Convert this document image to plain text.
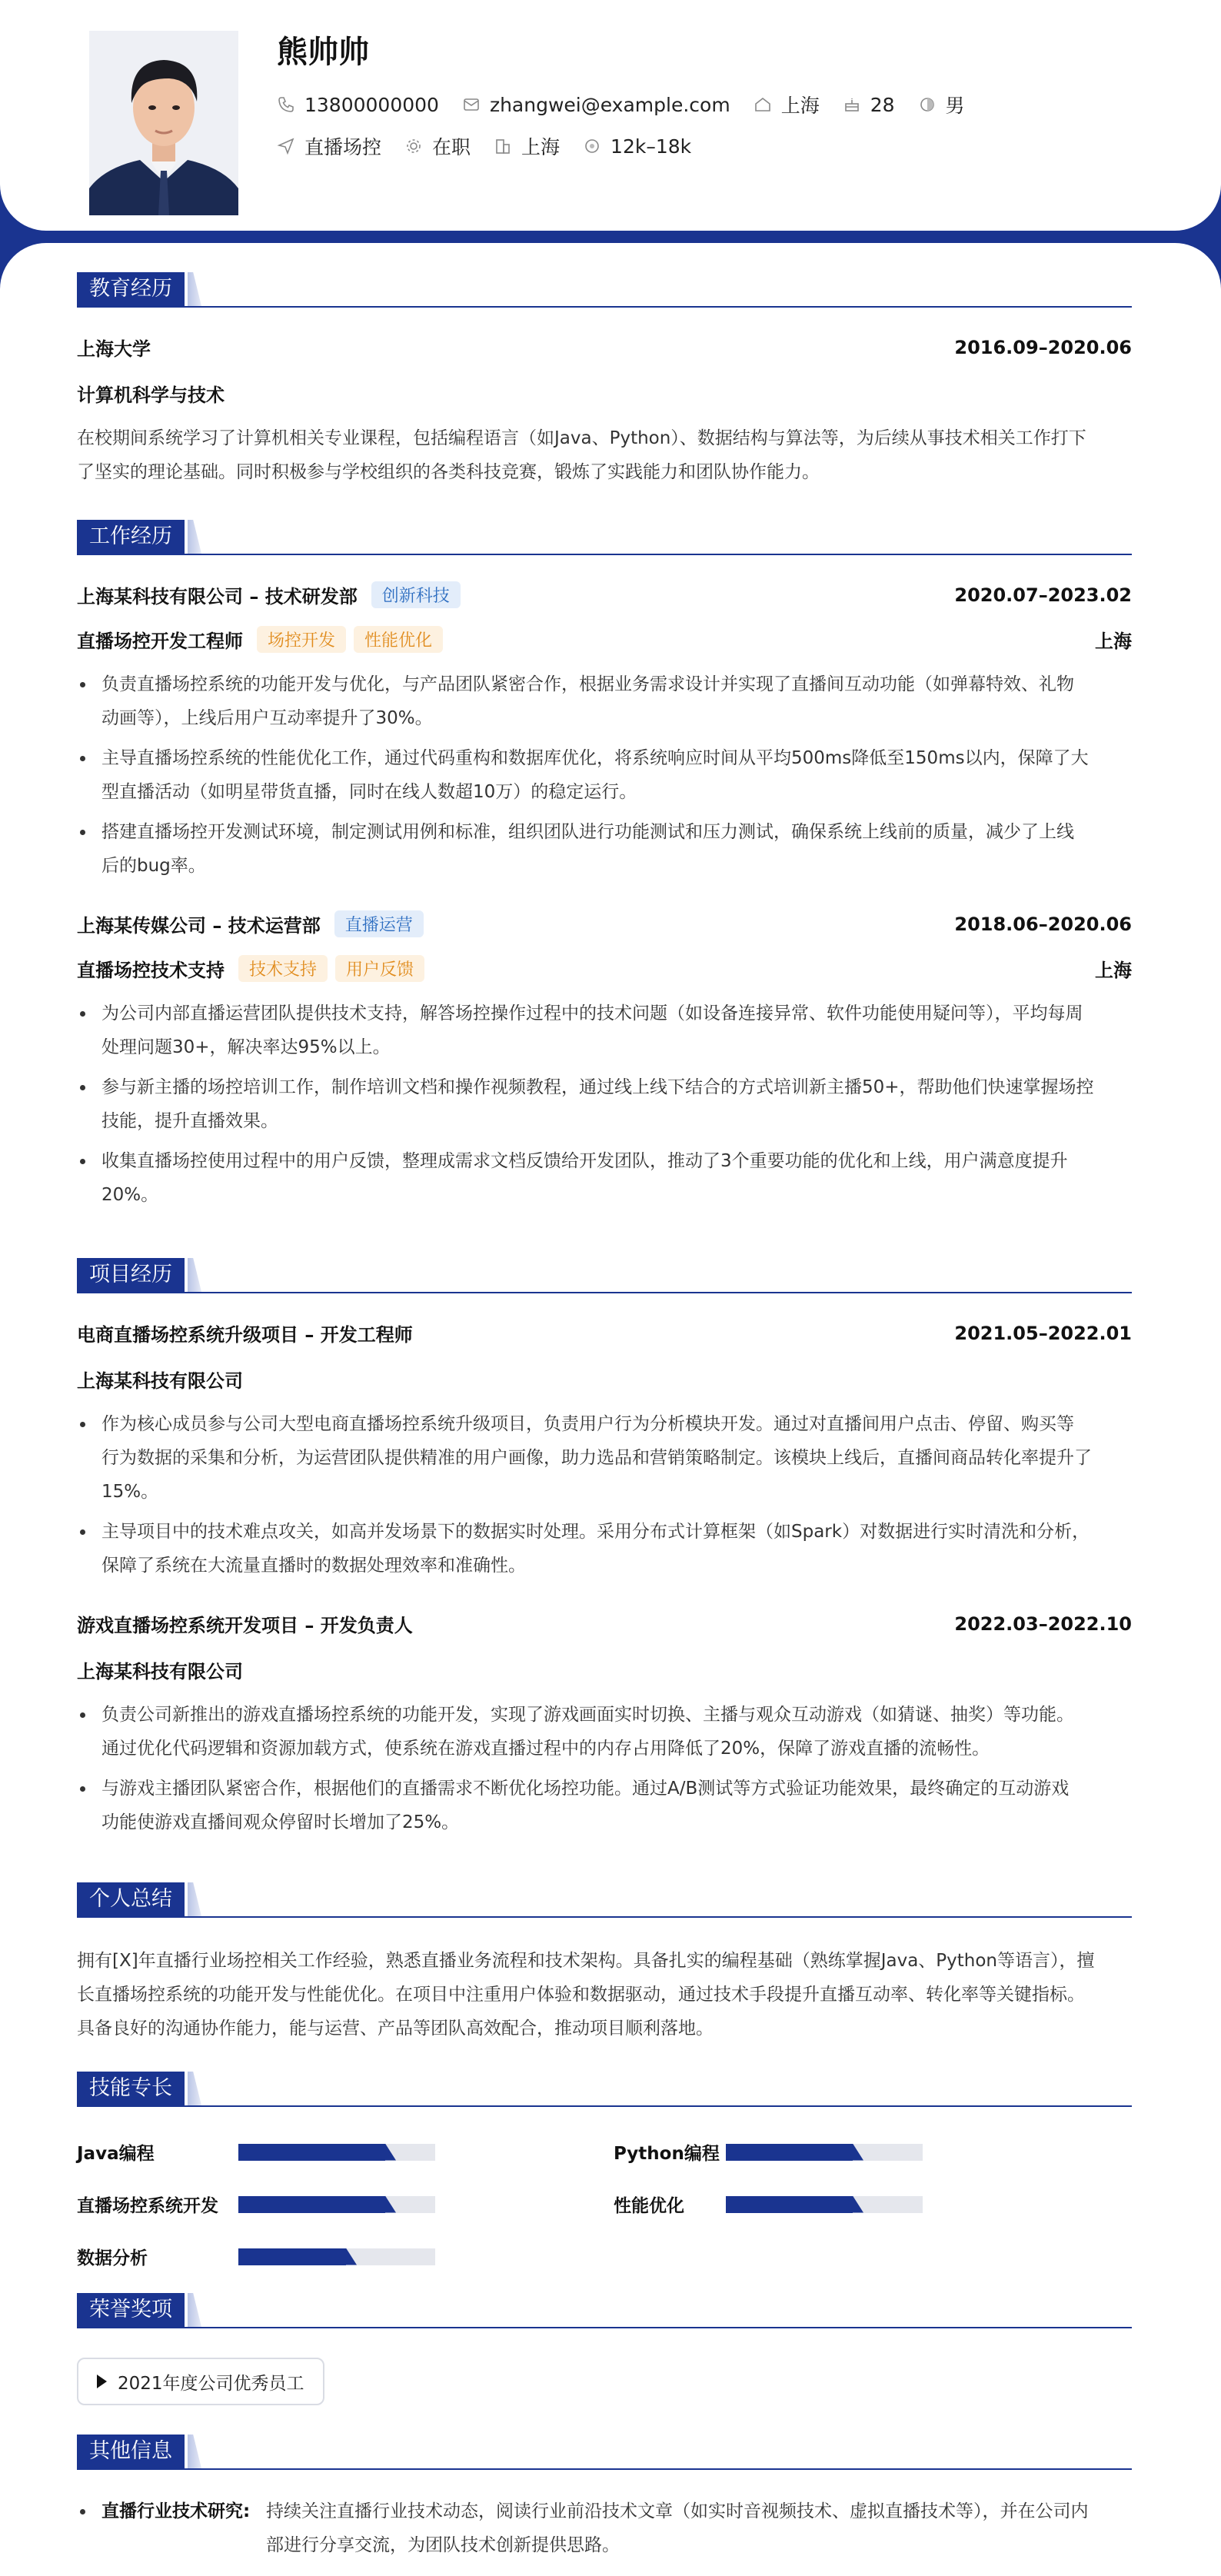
熊帅帅
13800000000	zhangwei@example.com	上海	28	男
直播场控	在职	上海	12k–18k
教育经历
上海大学	2016.09–2020.06
计算机科学与技术
在校期间系统学习了计算机相关专业课程，包括编程语言（如Java、Python）、数据结构与算法等，为后续从事技术相关工作打下
了坚实的理论基础。同时积极参与学校组织的各类科技竞赛，锻炼了实践能力和团队协作能力。
工作经历
上海某科技有限公司 – 技术研发部	创新科技	2020.07–2023.02
直播场控开发工程师	场控开发	性能优化	上海
负责直播场控系统的功能开发与优化，与产品团队紧密合作，根据业务需求设计并实现了直播间互动功能（如弹幕特效、礼物
动画等），上线后用户互动率提升了30%。
主导直播场控系统的性能优化工作，通过代码重构和数据库优化，将系统响应时间从平均500ms降低至150ms以内，保障了大
型直播活动（如明星带货直播，同时在线人数超10万）的稳定运行。
搭建直播场控开发测试环境，制定测试用例和标准，组织团队进行功能测试和压力测试，确保系统上线前的质量，减少了上线
后的bug率。
上海某传媒公司 – 技术运营部	直播运营	2018.06–2020.06
直播场控技术支持	技术支持	用户反馈	上海
为公司内部直播运营团队提供技术支持，解答场控操作过程中的技术问题（如设备连接异常、软件功能使用疑问等），平均每周
处理问题30+，解决率达95%以上。
参与新主播的场控培训工作，制作培训文档和操作视频教程，通过线上线下结合的方式培训新主播50+，帮助他们快速掌握场控
技能，提升直播效果。
收集直播场控使用过程中的用户反馈，整理成需求文档反馈给开发团队，推动了3个重要功能的优化和上线，用户满意度提升
20%。
项目经历
电商直播场控系统升级项目 – 开发工程师	2021.05–2022.01
上海某科技有限公司
作为核心成员参与公司大型电商直播场控系统升级项目，负责用户行为分析模块开发。通过对直播间用户点击、停留、购买等
行为数据的采集和分析，为运营团队提供精准的用户画像，助力选品和营销策略制定。该模块上线后，直播间商品转化率提升了
15%。
主导项目中的技术难点攻关，如高并发场景下的数据实时处理。采用分布式计算框架（如Spark）对数据进行实时清洗和分析，
保障了系统在大流量直播时的数据处理效率和准确性。
游戏直播场控系统开发项目 – 开发负责人	2022.03–2022.10
上海某科技有限公司
负责公司新推出的游戏直播场控系统的功能开发，实现了游戏画面实时切换、主播与观众互动游戏（如猜谜、抽奖）等功能。
通过优化代码逻辑和资源加载方式，使系统在游戏直播过程中的内存占用降低了20%，保障了游戏直播的流畅性。
与游戏主播团队紧密合作，根据他们的直播需求不断优化场控功能。通过A/B测试等方式验证功能效果，最终确定的互动游戏
功能使游戏直播间观众停留时长增加了25%。
个人总结
拥有[X]年直播行业场控相关工作经验，熟悉直播业务流程和技术架构。具备扎实的编程基础（熟练掌握Java、Python等语言），擅
长直播场控系统的功能开发与性能优化。在项目中注重用户体验和数据驱动，通过技术手段提升直播互动率、转化率等关键指标。
具备良好的沟通协作能力，能与运营、产品等团队高效配合，推动项目顺利落地。
技能专长
Java编程	Python编程
直播场控系统开发	性能优化
数据分析
荣誉奖项
2021年度公司优秀员工
其他信息
直播行业技术研究: 持续关注直播行业技术动态，阅读行业前沿技术文章（如实时音视频技术、虚拟直播技术等），并在公司内
部进行分享交流，为团队技术创新提供思路。
